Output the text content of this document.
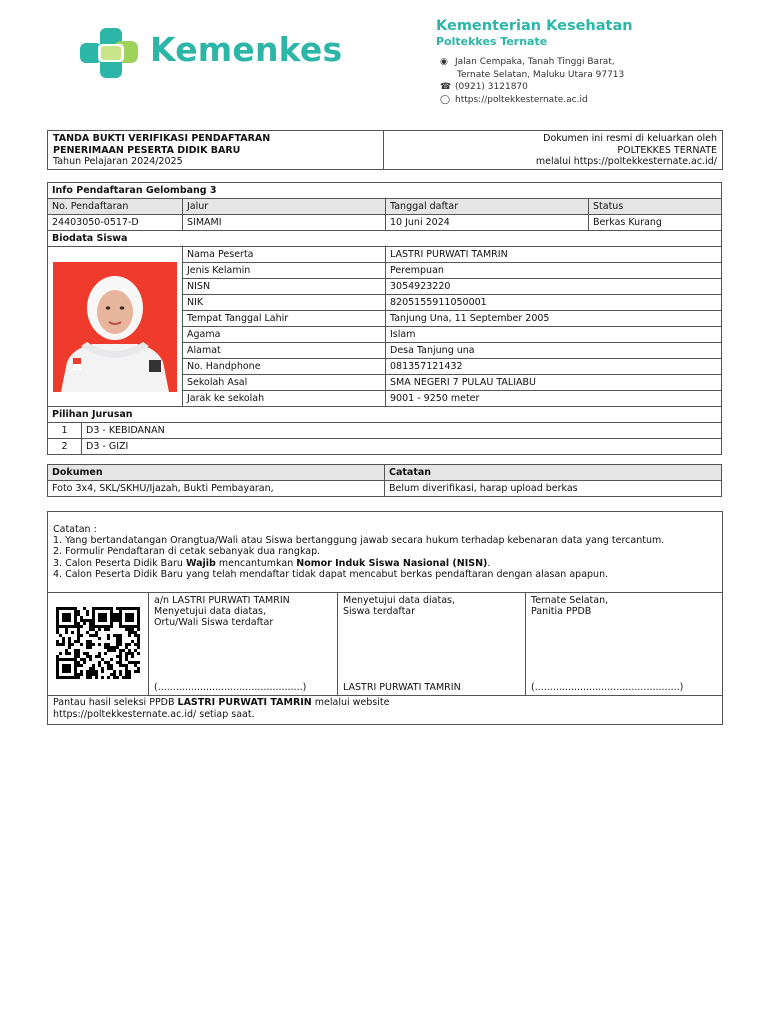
Kemenkes
Kementerian Kesehatan
Poltekkes Ternate
◉ Jalan Cempaka, Tanah Tinggi Barat,
Ternate Selatan, Maluku Utara 97713
☎ (0921) 3121870
◯ https://poltekkesternate.ac.id
TANDA BUKTI VERIFIKASI PENDAFTARAN
PENERIMAAN PESERTA DIDIK BARU
Tahun Pelajaran 2024/2025
Dokumen ini resmi di keluarkan oleh
POLTEKKES TERNATE
melalui https://poltekkesternate.ac.id/
Info Pendaftaran Gelombang 3				
No. Pendaftaran		Jalur	Tanggal daftar	Status
24403050-0517-D		SIMAMI	10 Juni 2024	Berkas Kurang
Biodata Siswa				

	Nama Peserta	LASTRI PURWATI TAMRIN	
		Jenis Kelamin	Perempuan	
		NISN	3054923220	
		NIK	8205155911050001	
		Tempat Tanggal Lahir	Tanjung Una, 11 September 2005	
		Agama	Islam	
		Alamat	Desa Tanjung una	
		No. Handphone	081357121432	
		Sekolah Asal	SMA NEGERI 7 PULAU TALIABU	
		Jarak ke sekolah	9001 - 9250 meter	
Pilihan Jurusan				
1	D3 - KEBIDANAN			
2	D3 - GIZI			
Dokumen	Catatan
Foto 3x4, SKL/SKHU/Ijazah, Bukti Pembayaran,	Belum diverifikasi, harap upload berkas
Catatan :
1. Yang bertandatangan Orangtua/Wali atau Siswa bertanggung jawab secara hukum terhadap kebenaran data yang tercantum.
2. Formulir Pendaftaran di cetak sebanyak dua rangkap.
3. Calon Peserta Didik Baru Wajib mencantumkan Nomor Induk Siswa Nasional (NISN).
4. Calon Peserta Didik Baru yang telah mendaftar tidak dapat mencabut berkas pendaftaran dengan alasan apapun.
a/n LASTRI PURWATI TAMRIN
Menyetujui data diatas,
Ortu/Wali Siswa terdaftar
(................................................)
Menyetujui data diatas,
Siswa terdaftar
LASTRI PURWATI TAMRIN
Ternate Selatan,
Panitia PPDB
(................................................)
Pantau hasil seleksi PPDB LASTRI PURWATI TAMRIN melalui website
https://poltekkesternate.ac.id/ setiap saat.
